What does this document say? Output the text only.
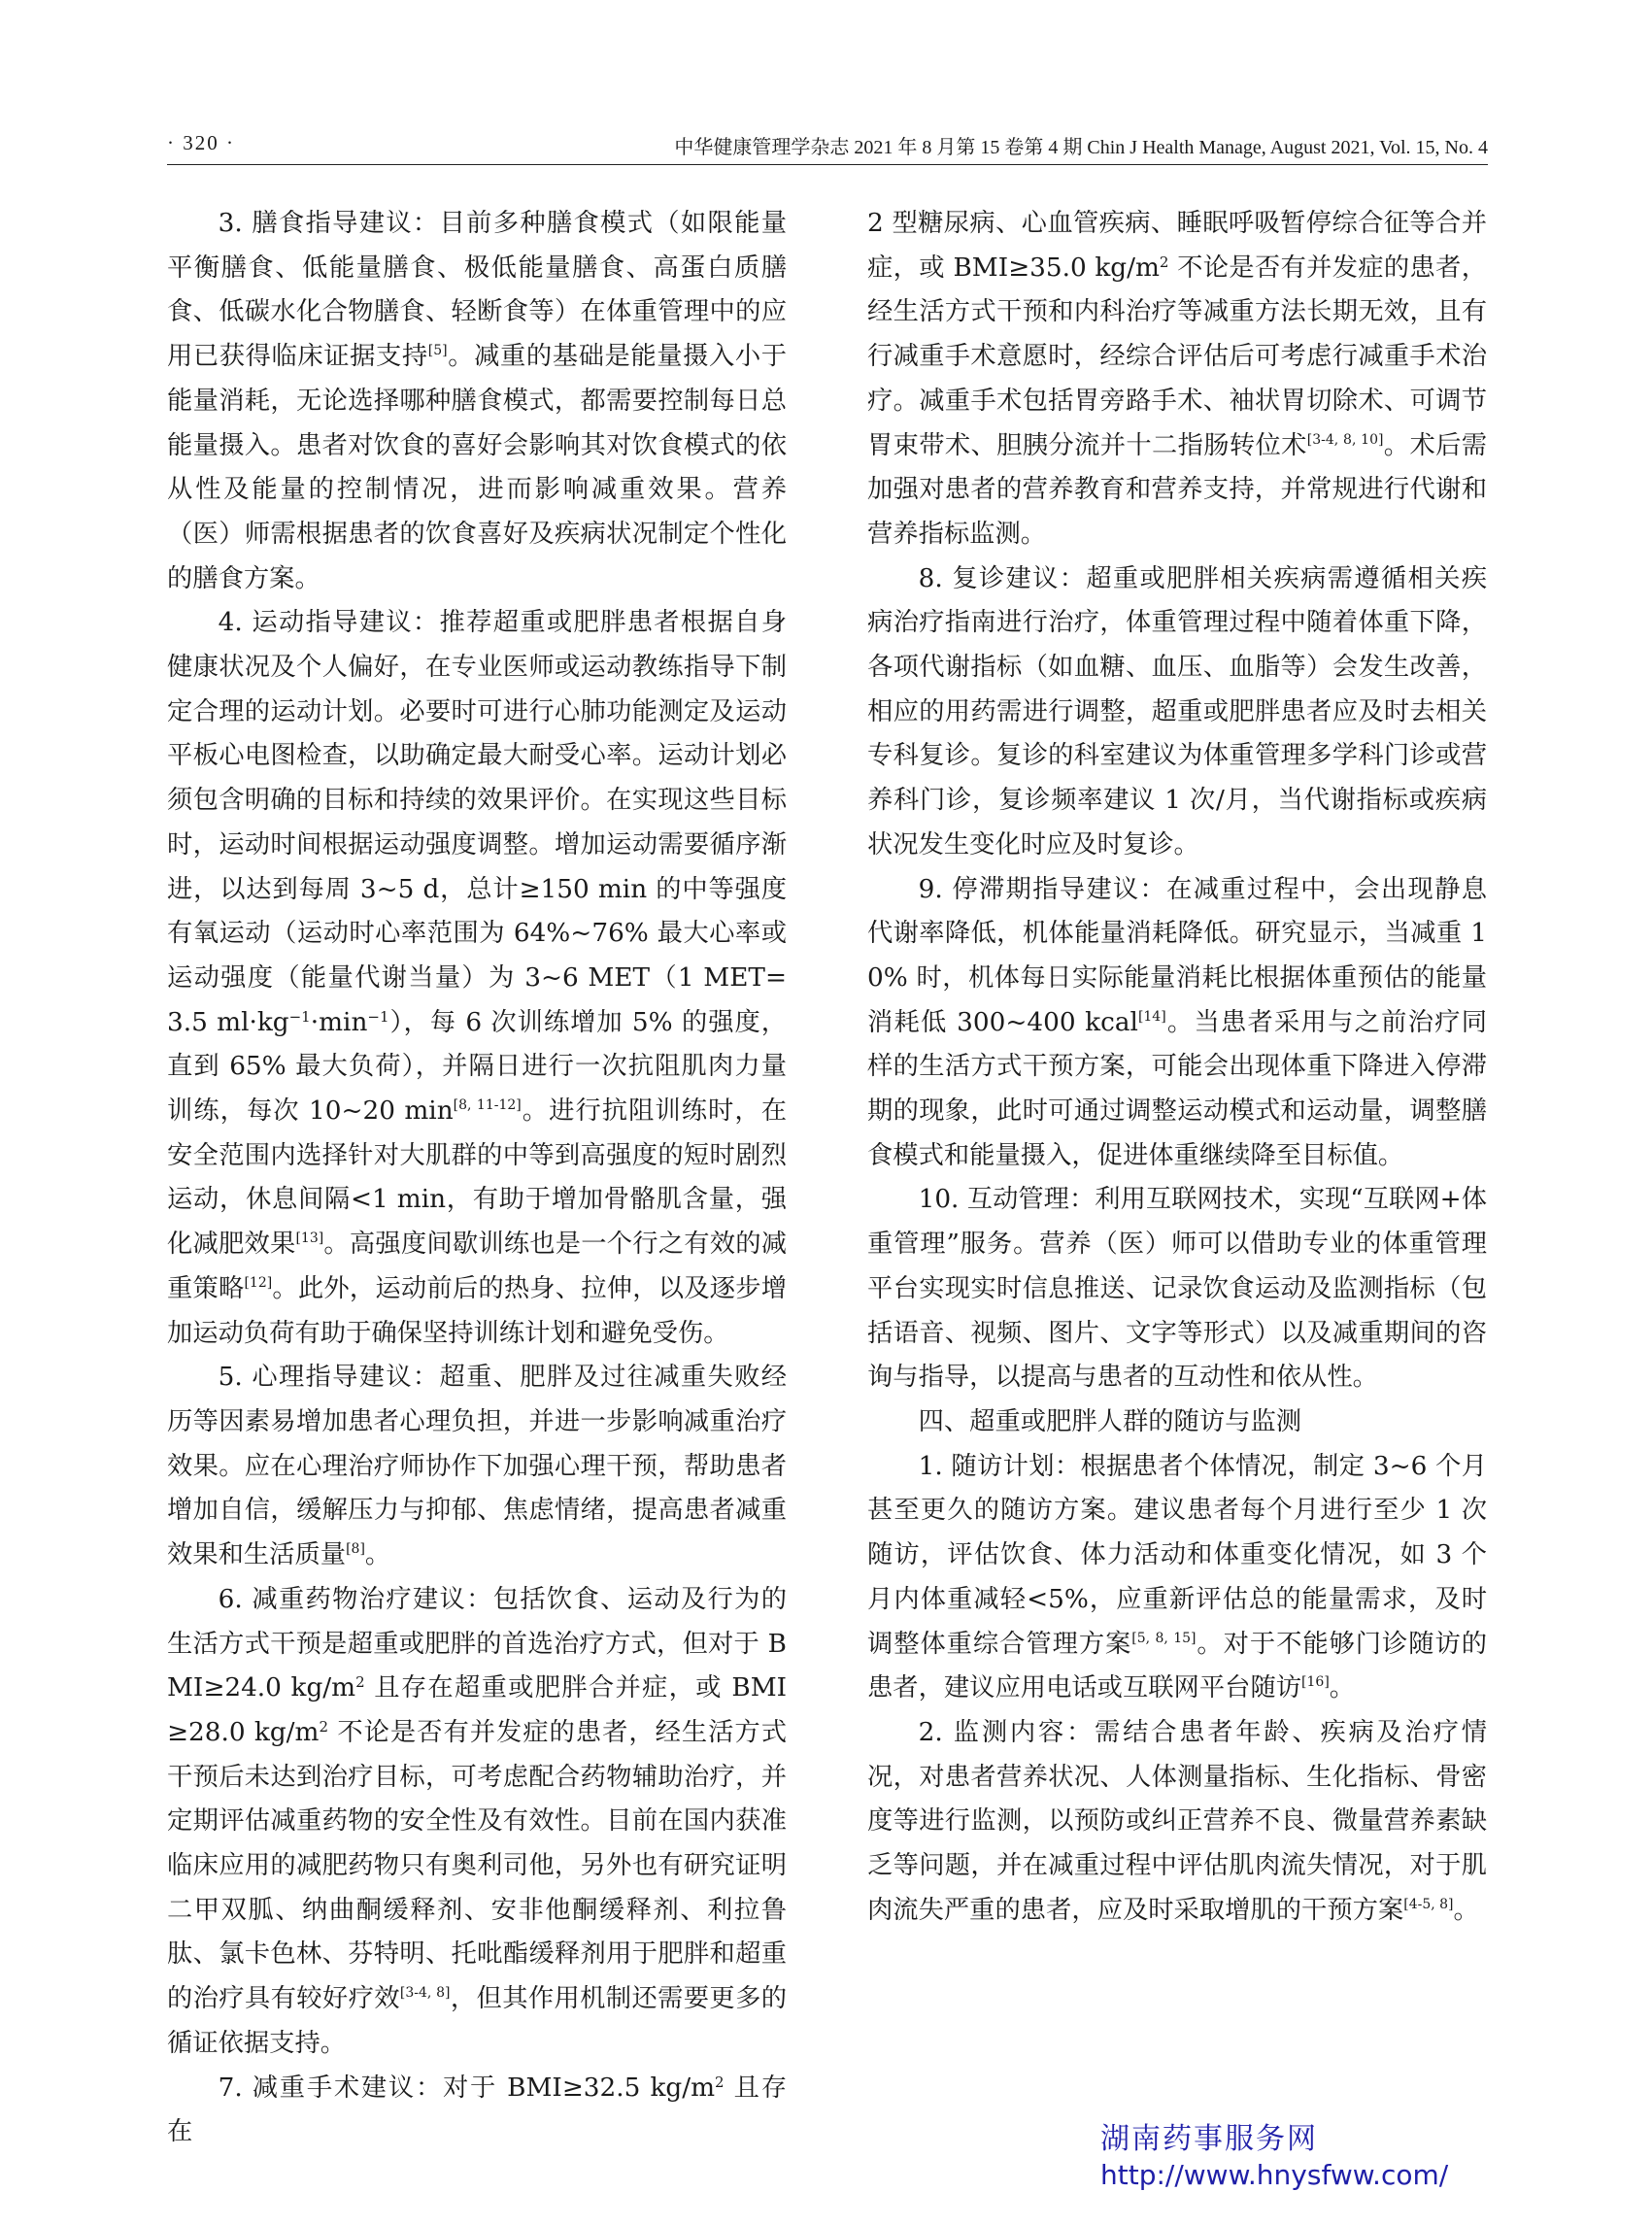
· 320 ·	中华健康管理学杂志 2021 年 8 月第 15 卷第 4 期 Chin J Health Manage, August 2021, Vol. 15, No. 4

3. 膳食指导建议：目前多种膳食模式（如限能量平衡膳食、低能量膳食、极低能量膳食、高蛋白质膳食、低碳水化合物膳食、轻断食等）在体重管理中的应用已获得临床证据支持[5]。减重的基础是能量摄入小于能量消耗，无论选择哪种膳食模式，都需要控制每日总能量摄入。患者对饮食的喜好会影响其对饮食模式的依从性及能量的控制情况，进而影响减重效果。营养（医）师需根据患者的饮食喜好及疾病状况制定个性化的膳食方案。

4. 运动指导建议：推荐超重或肥胖患者根据自身健康状况及个人偏好，在专业医师或运动教练指导下制定合理的运动计划。必要时可进行心肺功能测定及运动平板心电图检查，以助确定最大耐受心率。运动计划必须包含明确的目标和持续的效果评价。在实现这些目标时，运动时间根据运动强度调整。增加运动需要循序渐进，以达到每周 3~5 d，总计≥150 min 的中等强度有氧运动（运动时心率范围为 64%~76% 最大心率或运动强度（能量代谢当量）为 3~6 MET（1 MET=3.5 $ml\cdot kg^{-1}\cdot\min^{-1}$），每 6 次训练增加 5% 的强度，直到 65% 最大负荷），并隔日进行一次抗阻肌肉力量训练，每次 10~20 min[8, 11-12]。进行抗阻训练时，在安全范围内选择针对大肌群的中等到高强度的短时剧烈运动，休息间隔<1 min，有助于增加骨骼肌含量，强化减肥效果[13]。高强度间歇训练也是一个行之有效的减重策略[12]。此外，运动前后的热身、拉伸，以及逐步增加运动负荷有助于确保坚持训练计划和避免受伤。

5. 心理指导建议：超重、肥胖及过往减重失败经历等因素易增加患者心理负担，并进一步影响减重治疗效果。应在心理治疗师协作下加强心理干预，帮助患者增加自信，缓解压力与抑郁、焦虑情绪，提高患者减重效果和生活质量[8]。

6. 减重药物治疗建议：包括饮食、运动及行为的生活方式干预是超重或肥胖的首选治疗方式，但对于 BMI≥24.0 $kg/m^2$ 且存在超重或肥胖合并症，或 BMI≥28.0 $kg/m^2$ 不论是否有并发症的患者，经生活方式干预后未达到治疗目标，可考虑配合药物辅助治疗，并定期评估减重药物的安全性及有效性。目前在国内获准临床应用的减肥药物只有奥利司他，另外也有研究证明二甲双胍、纳曲酮缓释剂、安非他酮缓释剂、利拉鲁肽、氯卡色林、芬特明、托吡酯缓释剂用于肥胖和超重的治疗具有较好疗效[3-4, 8]，但其作用机制还需要更多的循证依据支持。

7. 减重手术建议：对于 BMI≥32.5 $kg/m^2$ 且存在

2 型糖尿病、心血管疾病、睡眠呼吸暂停综合征等合并症，或 BMI≥35.0 $kg/m^2$ 不论是否有并发症的患者，经生活方式干预和内科治疗等减重方法长期无效，且有行减重手术意愿时，经综合评估后可考虑行减重手术治疗。减重手术包括胃旁路手术、袖状胃切除术、可调节胃束带术、胆胰分流并十二指肠转位术[3-4, 8, 10]。术后需加强对患者的营养教育和营养支持，并常规进行代谢和营养指标监测。

8. 复诊建议：超重或肥胖相关疾病需遵循相关疾病治疗指南进行治疗，体重管理过程中随着体重下降，各项代谢指标（如血糖、血压、血脂等）会发生改善，相应的用药需进行调整，超重或肥胖患者应及时去相关专科复诊。复诊的科室建议为体重管理多学科门诊或营养科门诊，复诊频率建议 1 次/月，当代谢指标或疾病状况发生变化时应及时复诊。

9. 停滞期指导建议：在减重过程中，会出现静息代谢率降低，机体能量消耗降低。研究显示，当减重 10% 时，机体每日实际能量消耗比根据体重预估的能量消耗低 300~400 kcal[14]。当患者采用与之前治疗同样的生活方式干预方案，可能会出现体重下降进入停滞期的现象，此时可通过调整运动模式和运动量，调整膳食模式和能量摄入，促进体重继续降至目标值。

10. 互动管理：利用互联网技术，实现“互联网+体重管理”服务。营养（医）师可以借助专业的体重管理平台实现实时信息推送、记录饮食运动及监测指标（包括语音、视频、图片、文字等形式）以及减重期间的咨询与指导，以提高与患者的互动性和依从性。

四、超重或肥胖人群的随访与监测

1. 随访计划：根据患者个体情况，制定 3~6 个月甚至更久的随访方案。建议患者每个月进行至少 1 次随访，评估饮食、体力活动和体重变化情况，如 3 个月内体重减轻<5%，应重新评估总的能量需求，及时调整体重综合管理方案[5, 8, 15]。对于不能够门诊随访的患者，建议应用电话或互联网平台随访[16]。

2. 监测内容：需结合患者年龄、疾病及治疗情况，对患者营养状况、人体测量指标、生化指标、骨密度等进行监测，以预防或纠正营养不良、微量营养素缺乏等问题，并在减重过程中评估肌肉流失情况，对于肌肉流失严重的患者，应及时采取增肌的干预方案[4-5, 8]。

湖南药事服务网
http://www.hnysfww.com/
